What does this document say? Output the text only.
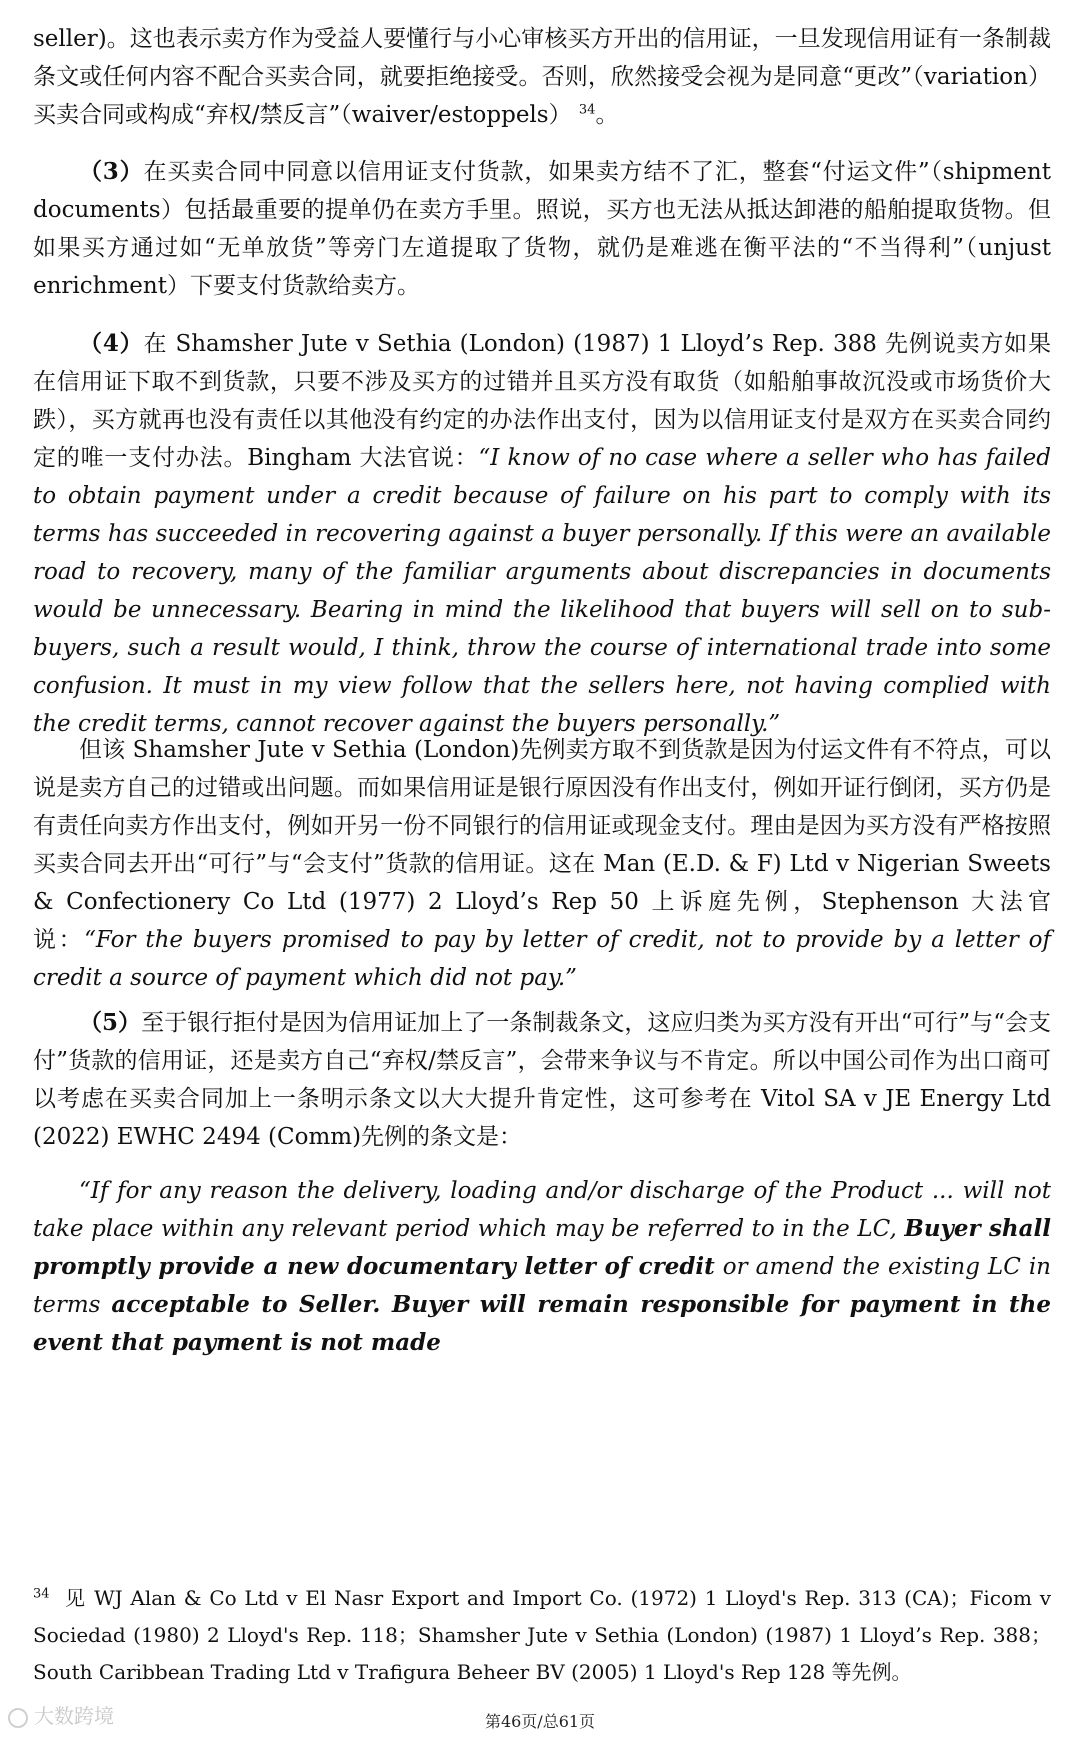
seller)。这也表示卖方作为受益人要懂行与小心审核买方开出的信用证，一旦发现信用证有一条制裁条文或任何内容不配合买卖合同，就要拒绝接受。否则，欣然接受会视为是同意“更改”（variation）买卖合同或构成“弃权/禁反言”（waiver/estoppels） $^{34}$。

（3）在买卖合同中同意以信用证支付货款，如果卖方结不了汇，整套“付运文件”（shipment documents）包括最重要的提单仍在卖方手里。照说，买方也无法从抵达卸港的船舶提取货物。但如果买方通过如“无单放货”等旁门左道提取了货物，就仍是难逃在衡平法的“不当得利”（unjust enrichment）下要支付货款给卖方。

（4）在 Shamsher Jute v Sethia (London) (1987) 1 Lloyd’s Rep. 388 先例说卖方如果在信用证下取不到货款，只要不涉及买方的过错并且买方没有取货（如船舶事故沉没或市场货价大跌），买方就再也没有责任以其他没有约定的办法作出支付，因为以信用证支付是双方在买卖合同约定的唯一支付办法。Bingham 大法官说：“I know of no case where a seller who has failed to obtain payment under a credit because of failure on his part to comply with its terms has succeeded in recovering against a buyer personally. If this were an available road to recovery, many of the familiar arguments about discrepancies in documents would be unnecessary. Bearing in mind the likelihood that buyers will sell on to sub-buyers, such a result would, I think, throw the course of international trade into some confusion. It must in my view follow that the sellers here, not having complied with the credit terms, cannot recover against the buyers personally.”

但该 Shamsher Jute v Sethia (London)先例卖方取不到货款是因为付运文件有不符点，可以说是卖方自己的过错或出问题。而如果信用证是银行原因没有作出支付，例如开证行倒闭，买方仍是有责任向卖方作出支付，例如开另一份不同银行的信用证或现金支付。理由是因为买方没有严格按照买卖合同去开出“可行”与“会支付”货款的信用证。这在 Man (E.D. & F) Ltd v Nigerian Sweets & Confectionery Co Ltd (1977) 2 Lloyd’s Rep 50 上诉庭先例，Stephenson 大法官说：“For the buyers promised to pay by letter of credit, not to provide by a letter of credit a source of payment which did not pay.”

（5）至于银行拒付是因为信用证加上了一条制裁条文，这应归类为买方没有开出“可行”与“会支付”货款的信用证，还是卖方自己“弃权/禁反言”，会带来争议与不肯定。所以中国公司作为出口商可以考虑在买卖合同加上一条明示条文以大大提升肯定性，这可参考在 Vitol SA v JE Energy Ltd (2022) EWHC 2494 (Comm)先例的条文是：

“If for any reason the delivery, loading and/or discharge of the Product ... will not take place within any relevant period which may be referred to in the LC, Buyer shall promptly provide a new documentary letter of credit or amend the existing LC in terms acceptable to Seller. Buyer will remain responsible for payment in the event that payment is not made

$^{34}$ 见 WJ Alan & Co Ltd v El Nasr Export and Import Co. (1972) 1 Lloyd's Rep. 313 (CA)；Ficom v Sociedad (1980) 2 Lloyd's Rep. 118；Shamsher Jute v Sethia (London) (1987) 1 Lloyd’s Rep. 388；South Caribbean Trading Ltd v Trafigura Beheer BV (2005) 1 Lloyd's Rep 128 等先例。

大数跨境	第46页/总61页
